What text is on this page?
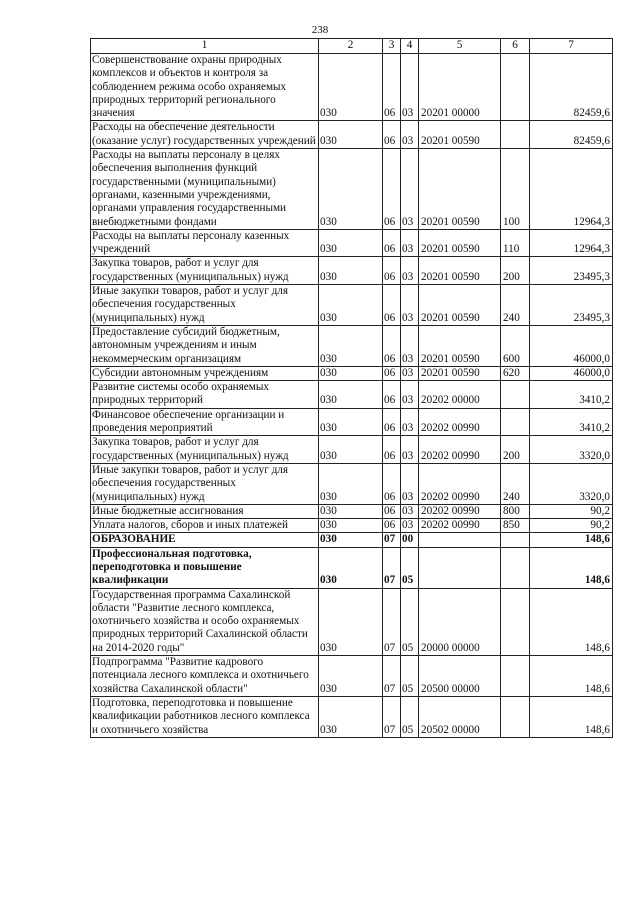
238
1	2	3	4	5	6	7
Совершенствование охраны природных комплексов и объектов и контроля за соблюдением режима особо охраняемых природных территорий регионального значения	030	06	03	20201 00000		82459,6
Расходы на обеспечение деятельности (оказание услуг) государственных учреждений	030	06	03	20201 00590		82459,6
Расходы на выплаты персоналу в целях обеспечения выполнения функций государственными (муниципальными) органами, казенными учреждениями, органами управления государственными внебюджетными фондами	030	06	03	20201 00590	100	12964,3
Расходы на выплаты персоналу казенных учреждений	030	06	03	20201 00590	110	12964,3
Закупка товаров, работ и услуг для государственных (муниципальных) нужд	030	06	03	20201 00590	200	23495,3
Иные закупки товаров, работ и услуг для обеспечения государственных (муниципальных) нужд	030	06	03	20201 00590	240	23495,3
Предоставление субсидий бюджетным, автономным учреждениям и иным некоммерческим организациям	030	06	03	20201 00590	600	46000,0
Субсидии автономным учреждениям	030	06	03	20201 00590	620	46000,0
Развитие системы особо охраняемых природных территорий	030	06	03	20202 00000		3410,2
Финансовое обеспечение организации и проведения мероприятий	030	06	03	20202 00990		3410,2
Закупка товаров, работ и услуг для государственных (муниципальных) нужд	030	06	03	20202 00990	200	3320,0
Иные закупки товаров, работ и услуг для обеспечения государственных (муниципальных) нужд	030	06	03	20202 00990	240	3320,0
Иные бюджетные ассигнования	030	06	03	20202 00990	800	90,2
Уплата налогов, сборов и иных платежей	030	06	03	20202 00990	850	90,2
ОБРАЗОВАНИЕ	030	07	00			148,6
Профессиональная подготовка, переподготовка и повышение квалификации	030	07	05			148,6
Государственная программа Сахалинской области "Развитие лесного комплекса, охотничьего хозяйства и особо охраняемых природных территорий Сахалинской области на 2014-2020 годы"	030	07	05	20000 00000		148,6
Подпрограмма "Развитие кадрового потенциала лесного комплекса и охотничьего хозяйства Сахалинской области"	030	07	05	20500 00000		148,6
Подготовка, переподготовка и повышение квалификации работников лесного комплекса и охотничьего хозяйства	030	07	05	20502 00000		148,6
